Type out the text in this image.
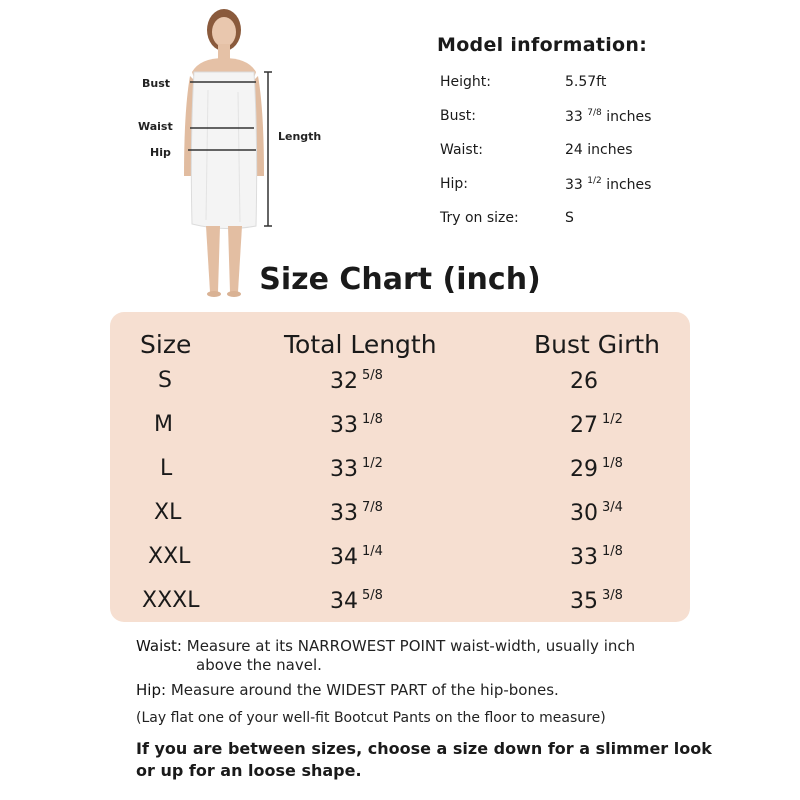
Bust
Waist
Hip
Length
Model information:
Height:	5.57ft
Bust:	33 $^{7/8}$ inches
Waist:	24 inches
Hip:	33 $^{1/2}$ inches
Try on size:	S
Size Chart (inch)
Size	Total Length	Bust Girth
S	32 $^{5/8}$	26
M	33 $^{1/8}$	27 $^{1/2}$
L	33 $^{1/2}$	29 $^{1/8}$
XL	33 $^{7/8}$	30 $^{3/4}$
XXL	34 $^{1/4}$	33 $^{1/8}$
XXXL	34 $^{5/8}$	35 $^{3/8}$
Waist: Measure at its NARROWEST POINT waist-width, usually inch
above the navel.
Hip: Measure around the WIDEST PART of the hip-bones.
(Lay flat one of your well-fit Bootcut Pants on the floor to measure)
If you are between sizes, choose a size down for a slimmer look
or up for an loose shape.
